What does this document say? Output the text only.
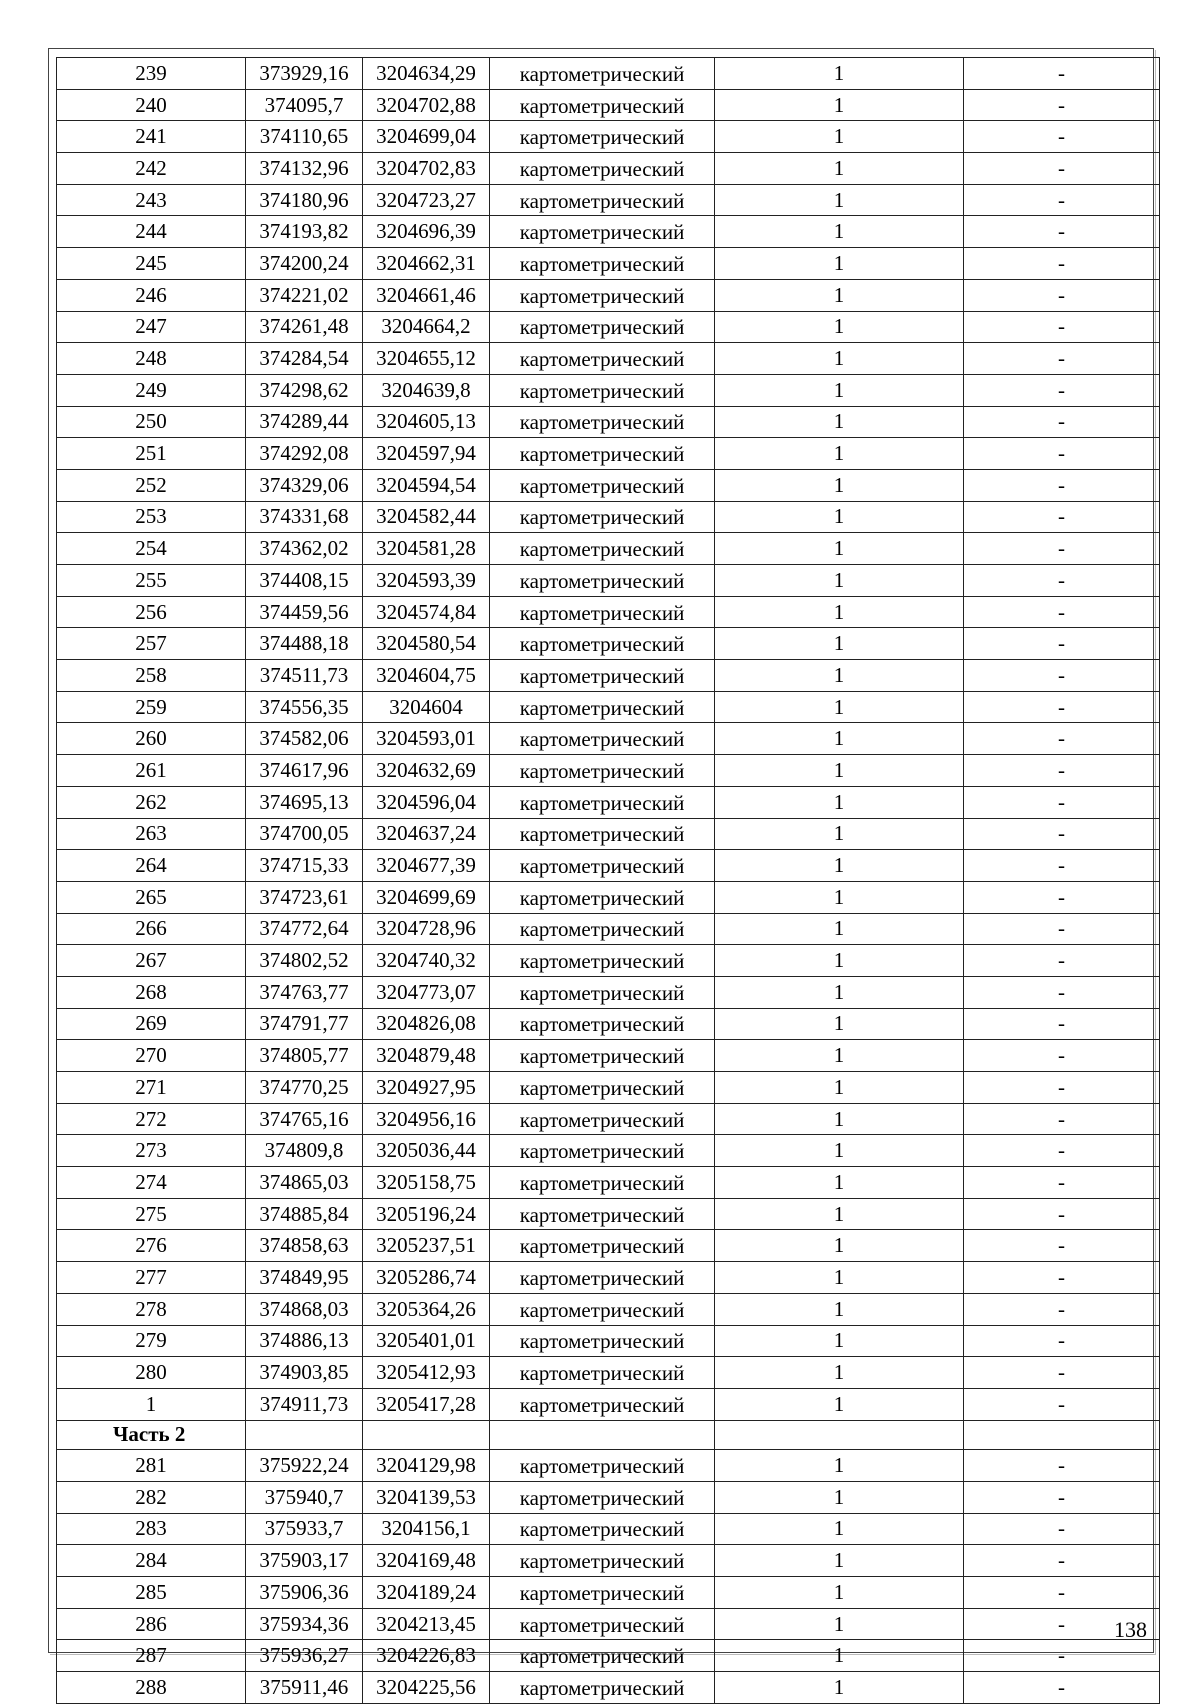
239	373929,16	3204634,29	картометрический	1	-
240	374095,7	3204702,88	картометрический	1	-
241	374110,65	3204699,04	картометрический	1	-
242	374132,96	3204702,83	картометрический	1	-
243	374180,96	3204723,27	картометрический	1	-
244	374193,82	3204696,39	картометрический	1	-
245	374200,24	3204662,31	картометрический	1	-
246	374221,02	3204661,46	картометрический	1	-
247	374261,48	3204664,2	картометрический	1	-
248	374284,54	3204655,12	картометрический	1	-
249	374298,62	3204639,8	картометрический	1	-
250	374289,44	3204605,13	картометрический	1	-
251	374292,08	3204597,94	картометрический	1	-
252	374329,06	3204594,54	картометрический	1	-
253	374331,68	3204582,44	картометрический	1	-
254	374362,02	3204581,28	картометрический	1	-
255	374408,15	3204593,39	картометрический	1	-
256	374459,56	3204574,84	картометрический	1	-
257	374488,18	3204580,54	картометрический	1	-
258	374511,73	3204604,75	картометрический	1	-
259	374556,35	3204604	картометрический	1	-
260	374582,06	3204593,01	картометрический	1	-
261	374617,96	3204632,69	картометрический	1	-
262	374695,13	3204596,04	картометрический	1	-
263	374700,05	3204637,24	картометрический	1	-
264	374715,33	3204677,39	картометрический	1	-
265	374723,61	3204699,69	картометрический	1	-
266	374772,64	3204728,96	картометрический	1	-
267	374802,52	3204740,32	картометрический	1	-
268	374763,77	3204773,07	картометрический	1	-
269	374791,77	3204826,08	картометрический	1	-
270	374805,77	3204879,48	картометрический	1	-
271	374770,25	3204927,95	картометрический	1	-
272	374765,16	3204956,16	картометрический	1	-
273	374809,8	3205036,44	картометрический	1	-
274	374865,03	3205158,75	картометрический	1	-
275	374885,84	3205196,24	картометрический	1	-
276	374858,63	3205237,51	картометрический	1	-
277	374849,95	3205286,74	картометрический	1	-
278	374868,03	3205364,26	картометрический	1	-
279	374886,13	3205401,01	картометрический	1	-
280	374903,85	3205412,93	картометрический	1	-
1	374911,73	3205417,28	картометрический	1	-
Часть 2					
281	375922,24	3204129,98	картометрический	1	-
282	375940,7	3204139,53	картометрический	1	-
283	375933,7	3204156,1	картометрический	1	-
284	375903,17	3204169,48	картометрический	1	-
285	375906,36	3204189,24	картометрический	1	-
286	375934,36	3204213,45	картометрический	1	-
287	375936,27	3204226,83	картометрический	1	-
288	375911,46	3204225,56	картометрический	1	-
138
